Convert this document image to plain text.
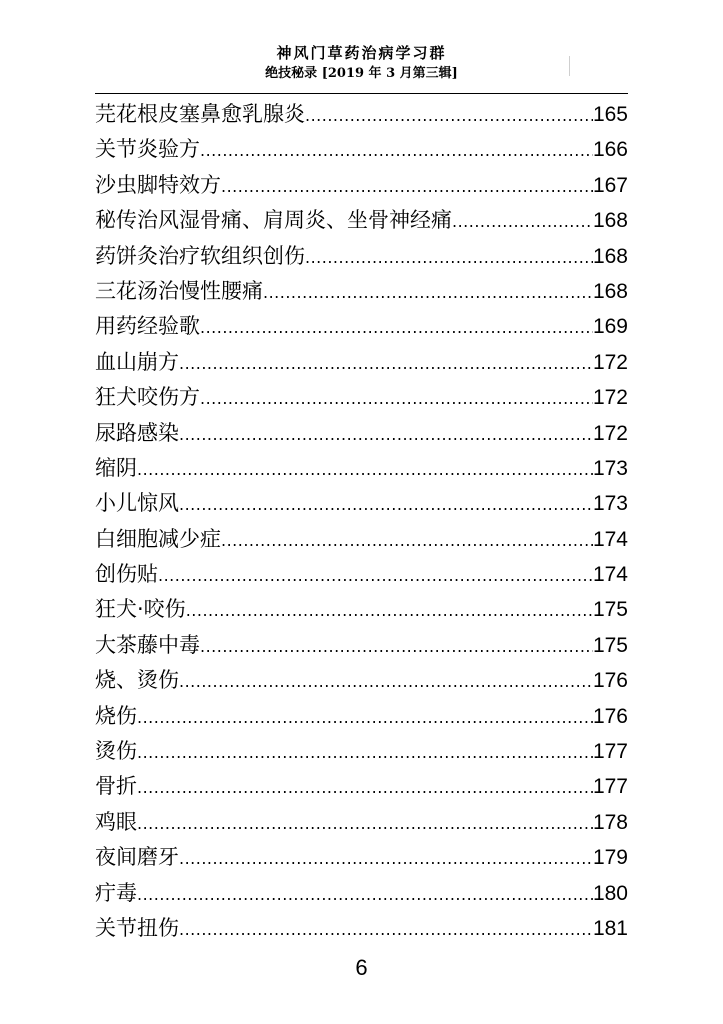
神风门草药治病学习群
绝技秘录 [2019 年 3 月第三辑]
芫花根皮塞鼻愈乳腺炎 .....	165
关节炎验方 .....	166
沙虫脚特效方 .....	167
秘传治风湿骨痛、肩周炎、坐骨神经痛 .....	168
药饼灸治疗软组织创伤 .....	168
三花汤治慢性腰痛 .....	168
用药经验歌 .....	169
血山崩方 .....	172
狂犬咬伤方 .....	172
尿路感染 .....	172
缩阴 .....	173
小儿惊风 .....	173
白细胞减少症 .....	174
创伤贴 .....	174
狂犬·咬伤 .....	175
大茶藤中毒 .....	175
烧、烫伤 .....	176
烧伤 .....	176
烫伤 .....	177
骨折 .....	177
鸡眼 .....	178
夜间磨牙 .....	179
疔毒 .....	180
关节扭伤 .....	181
6
